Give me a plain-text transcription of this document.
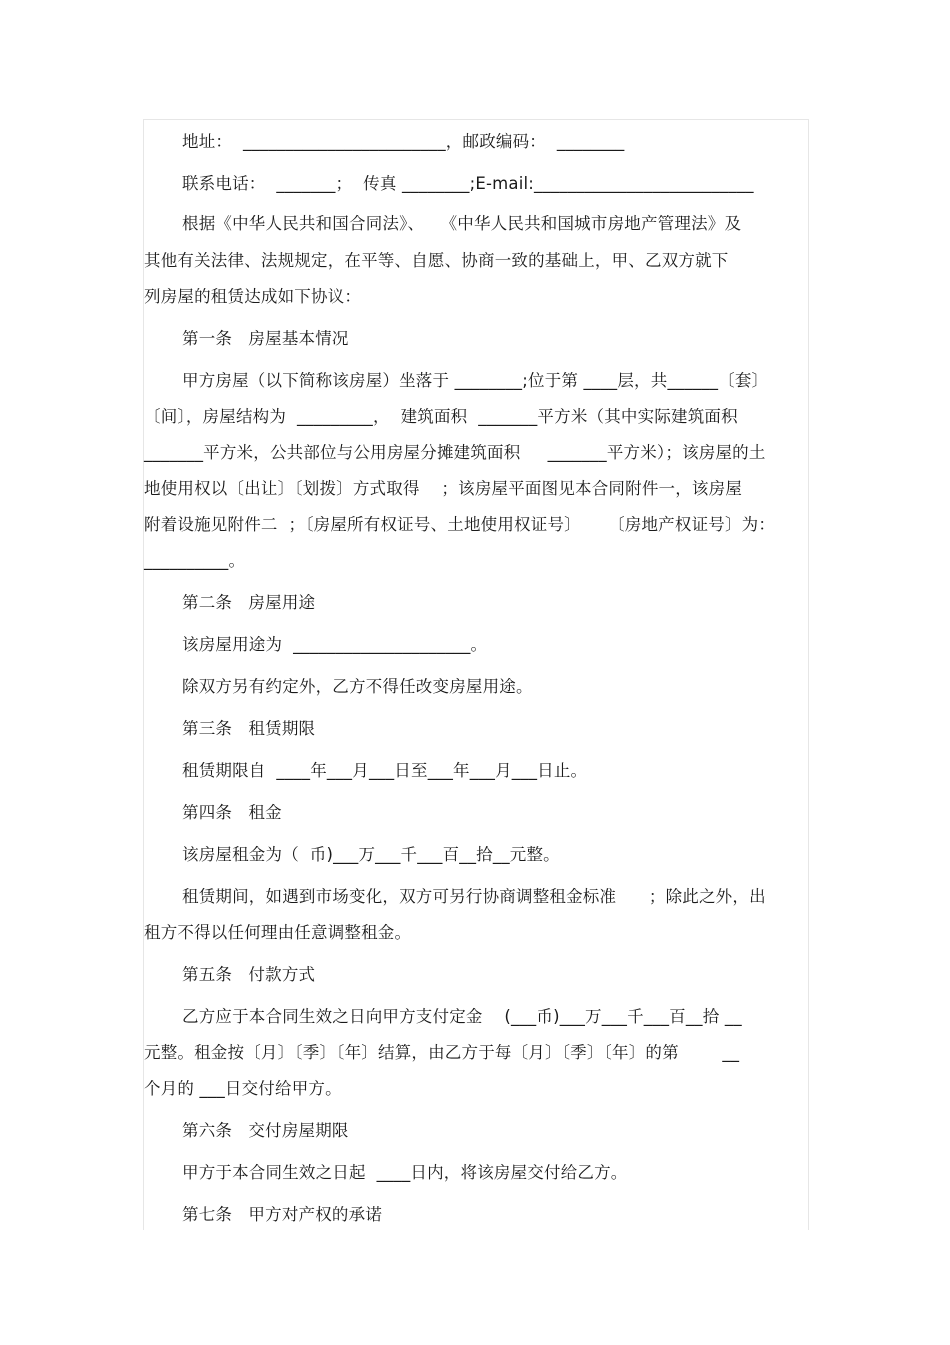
地址：  ________________________，邮政编码：  ________
联系电话：  _______；  传真 ________;E-mail:__________________________
根据《中华人民共和国合同法》、   《中华人民共和国城市房地产管理法》及
其他有关法律、法规规定，在平等、自愿、协商一致的基础上，甲、乙双方就下
列房屋的租赁达成如下协议：
第一条   房屋基本情况
甲方房屋（以下简称该房屋）坐落于 ________;位于第 ____层，共______〔套〕
〔间〕，房屋结构为  _________，  建筑面积  _______平方米（其中实际建筑面积
_______平方米，公共部位与公用房屋分摊建筑面积     _______平方米）；该房屋的土
地使用权以〔出让〕〔划拨〕方式取得    ；该房屋平面图见本合同附件一，该房屋
附着设施见附件二  ；〔房屋所有权证号、土地使用权证号〕     〔房地产权证号〕为：
__________。
第二条   房屋用途
该房屋用途为  _____________________。
除双方另有约定外，乙方不得任改变房屋用途。
第三条   租赁期限
租赁期限自  ____年___月___日至___年___月___日止。
第四条   租金
该房屋租金为（  币)___万___千___百__拾__元整。
租赁期间，如遇到市场变化，双方可另行协商调整租金标准      ；除此之外，出
租方不得以任何理由任意调整租金。
第五条   付款方式
乙方应于本合同生效之日向甲方支付定金    (___币)___万___千___百__拾 __
元整。租金按〔月〕〔季〕〔年〕结算，由乙方于每〔月〕〔季〕〔年〕的第        __
个月的 ___日交付给甲方。
第六条   交付房屋期限
甲方于本合同生效之日起  ____日内，将该房屋交付给乙方。
第七条   甲方对产权的承诺
